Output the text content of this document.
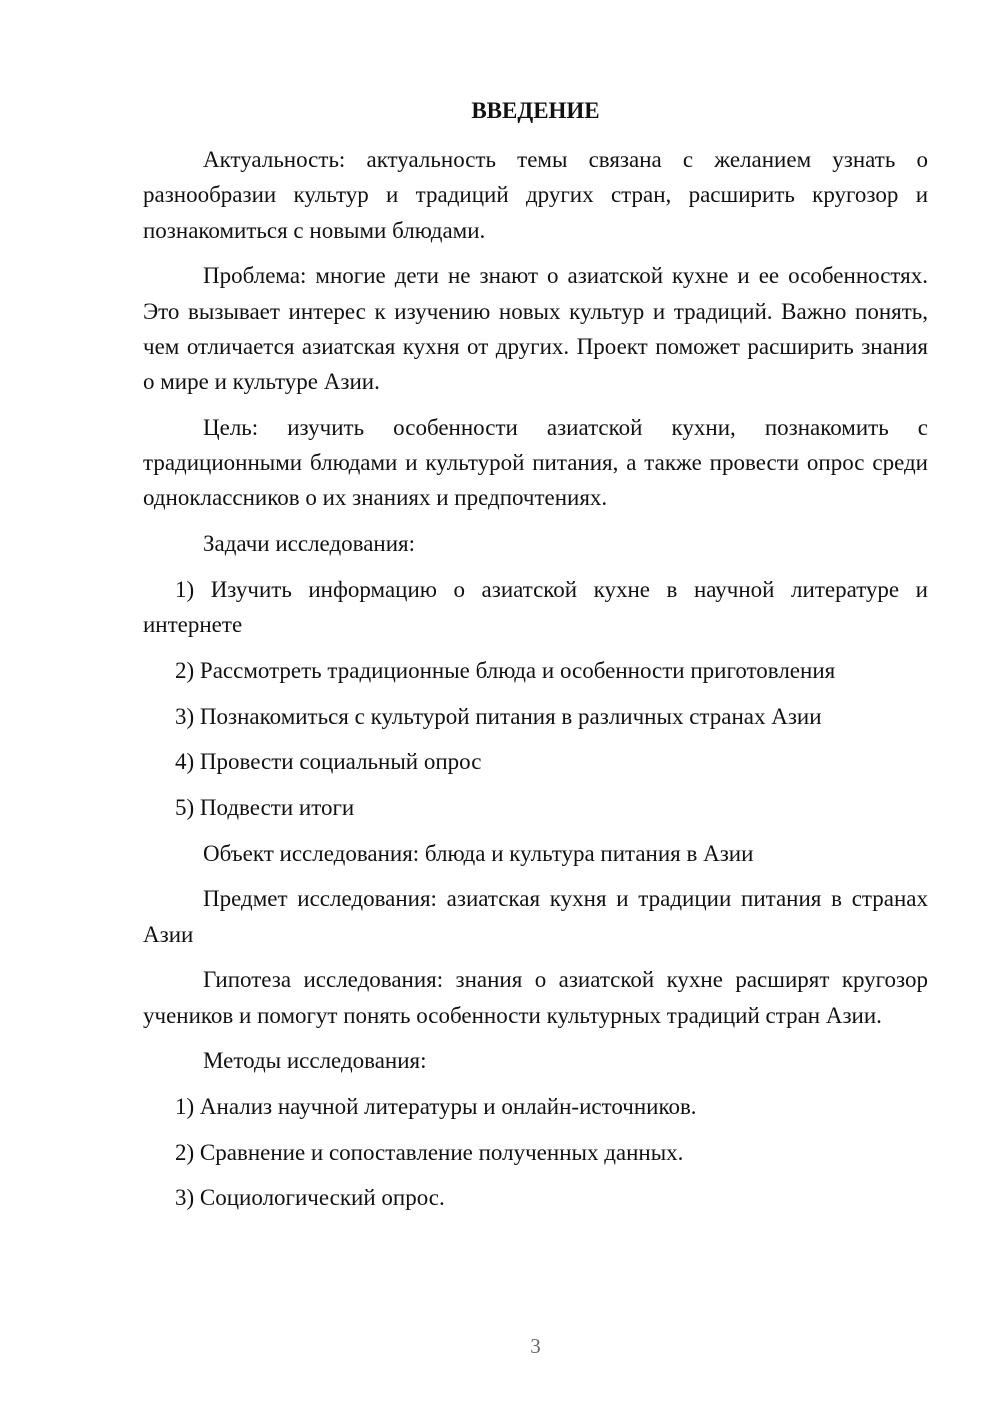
ВВЕДЕНИЕ

Актуальность: актуальность темы связана с желанием узнать о разнообразии культур и традиций других стран, расширить кругозор и познакомиться с новыми блюдами.

Проблема: многие дети не знают о азиатской кухне и ее особенностях. Это вызывает интерес к изучению новых культур и традиций. Важно понять, чем отличается азиатская кухня от других. Проект поможет расширить знания о мире и культуре Азии.

Цель: изучить особенности азиатской кухни, познакомить с традиционными блюдами и культурой питания, а также провести опрос среди одноклассников о их знаниях и предпочтениях.

Задачи исследования:

1) Изучить информацию о азиатской кухне в научной литературе и интернете

2) Рассмотреть традиционные блюда и особенности приготовления

3) Познакомиться с культурой питания в различных странах Азии

4) Провести социальный опрос

5) Подвести итоги

Объект исследования: блюда и культура питания в Азии

Предмет исследования: азиатская кухня и традиции питания в странах Азии

Гипотеза исследования: знания о азиатской кухне расширят кругозор учеников и помогут понять особенности культурных традиций стран Азии.

Методы исследования:

1) Анализ научной литературы и онлайн-источников.

2) Сравнение и сопоставление полученных данных.

3) Социологический опрос.

3
